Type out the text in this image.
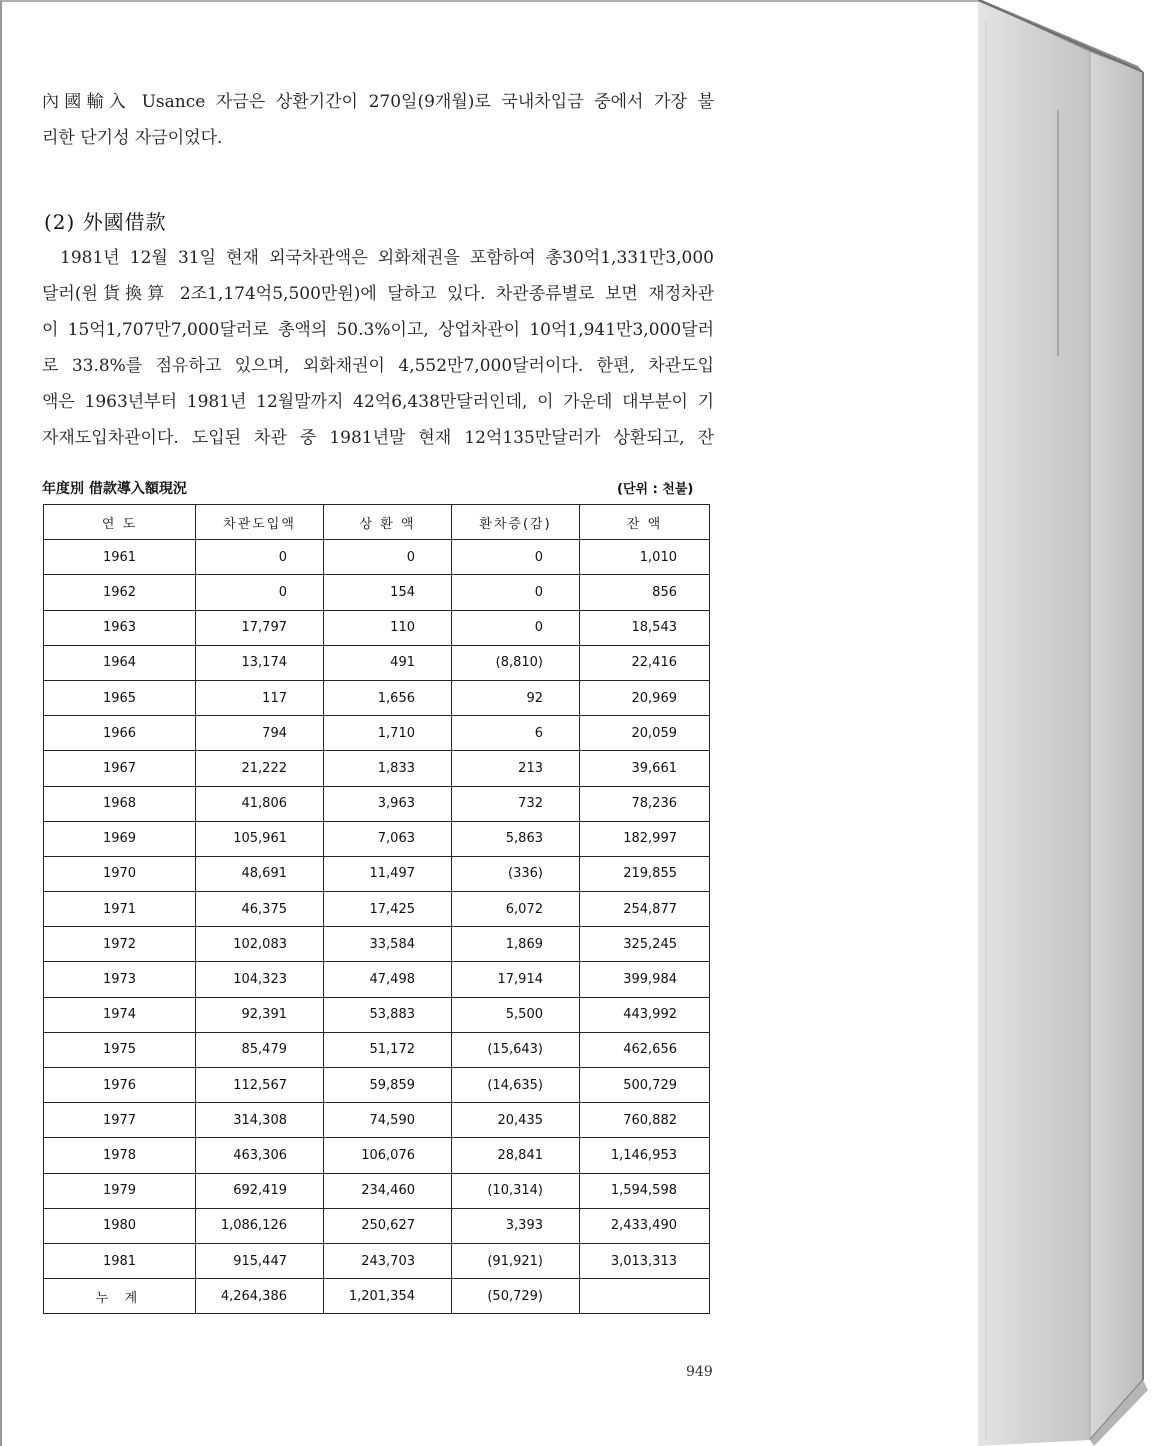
內國輸入 Usance 자금은 상환기간이 270일(9개월)로 국내차입금 중에서 가장 불
리한 단기성 자금이었다.
(2) 外國借款
1981년 12월 31일 현재 외국차관액은 외화채권을 포함하여 총30억1,331만3,000
달러(원貨換算 2조1,174억5,500만원)에 달하고 있다. 차관종류별로 보면 재정차관
이 15억1,707만7,000달러로 총액의 50.3%이고, 상업차관이 10억1,941만3,000달러
로 33.8%를 점유하고 있으며, 외화채권이 4,552만7,000달러이다. 한편, 차관도입
액은 1963년부터 1981년 12월말까지 42억6,438만달러인데, 이 가운데 대부분이 기
자재도입차관이다. 도입된 차관 중 1981년말 현재 12억135만달러가 상환되고, 잔
年度別 借款導入額現況	(단위 : 천불)
연 도	차관도입액	상 환 액	환차증(감)	잔 액
1961	0	0	0	1,010
1962	0	154	0	856
1963	17,797	110	0	18,543
1964	13,174	491	(8,810)	22,416
1965	117	1,656	92	20,969
1966	794	1,710	6	20,059
1967	21,222	1,833	213	39,661
1968	41,806	3,963	732	78,236
1969	105,961	7,063	5,863	182,997
1970	48,691	11,497	(336)	219,855
1971	46,375	17,425	6,072	254,877
1972	102,083	33,584	1,869	325,245
1973	104,323	47,498	17,914	399,984
1974	92,391	53,883	5,500	443,992
1975	85,479	51,172	(15,643)	462,656
1976	112,567	59,859	(14,635)	500,729
1977	314,308	74,590	20,435	760,882
1978	463,306	106,076	28,841	1,146,953
1979	692,419	234,460	(10,314)	1,594,598
1980	1,086,126	250,627	3,393	2,433,490
1981	915,447	243,703	(91,921)	3,013,313
누 계	4,264,386	1,201,354	(50,729)	
949
